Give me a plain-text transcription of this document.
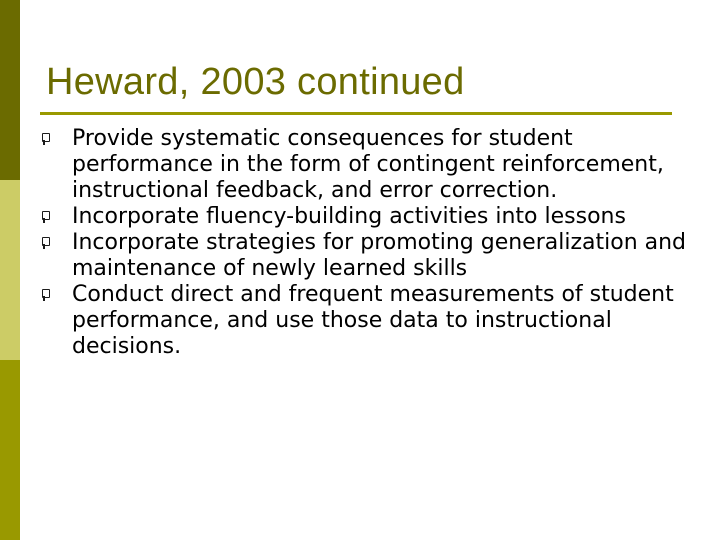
Heward, 2003 continued
Provide systematic consequences for student performance in the form of contingent reinforcement, instructional feedback, and error correction.
Incorporate fluency-building activities into lessons
Incorporate strategies for promoting generalization and maintenance of newly learned skills
Conduct direct and frequent measurements of student performance, and use those data to instructional decisions.
